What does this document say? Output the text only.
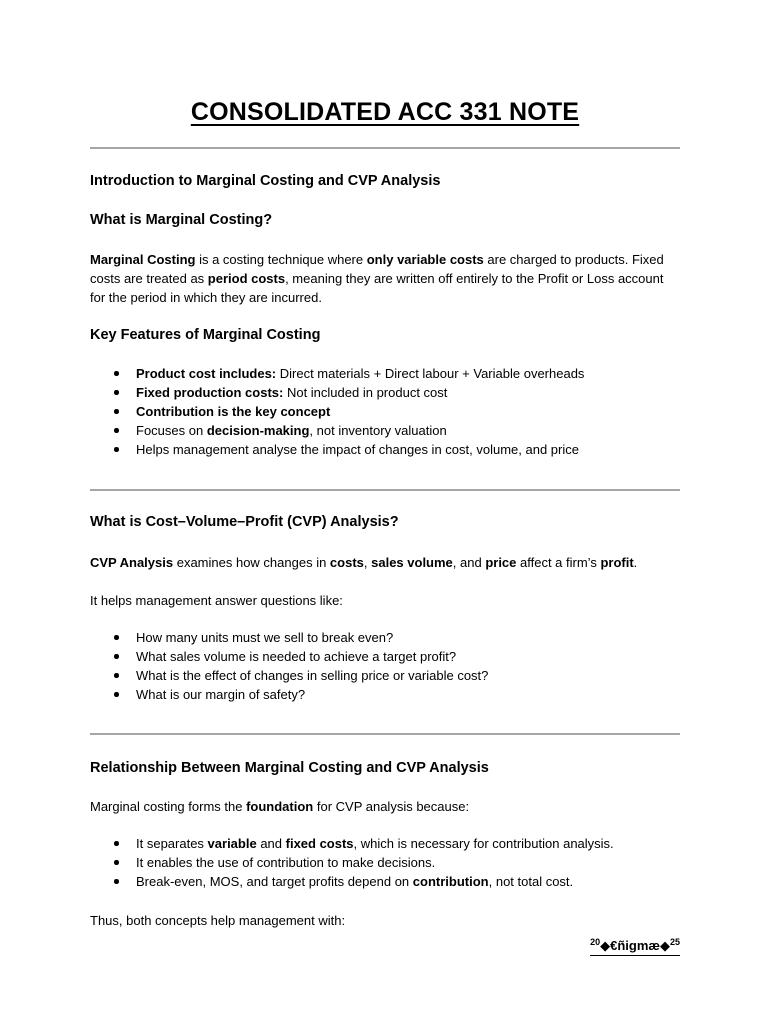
CONSOLIDATED ACC 331 NOTE
Introduction to Marginal Costing and CVP Analysis
What is Marginal Costing?
Marginal Costing is a costing technique where only variable costs are charged to products. Fixed costs are treated as period costs, meaning they are written off entirely to the Profit or Loss account for the period in which they are incurred.
Key Features of Marginal Costing
Product cost includes: Direct materials + Direct labour + Variable overheads
Fixed production costs: Not included in product cost
Contribution is the key concept
Focuses on decision-making, not inventory valuation
Helps management analyse the impact of changes in cost, volume, and price
What is Cost–Volume–Profit (CVP) Analysis?
CVP Analysis examines how changes in costs, sales volume, and price affect a firm’s profit.
It helps management answer questions like:
How many units must we sell to break even?
What sales volume is needed to achieve a target profit?
What is the effect of changes in selling price or variable cost?
What is our margin of safety?
Relationship Between Marginal Costing and CVP Analysis
Marginal costing forms the foundation for CVP analysis because:
It separates variable and fixed costs, which is necessary for contribution analysis.
It enables the use of contribution to make decisions.
Break-even, MOS, and target profits depend on contribution, not total cost.
Thus, both concepts help management with:
$^{20}$◆€ñigmæ◆$^{25}$
